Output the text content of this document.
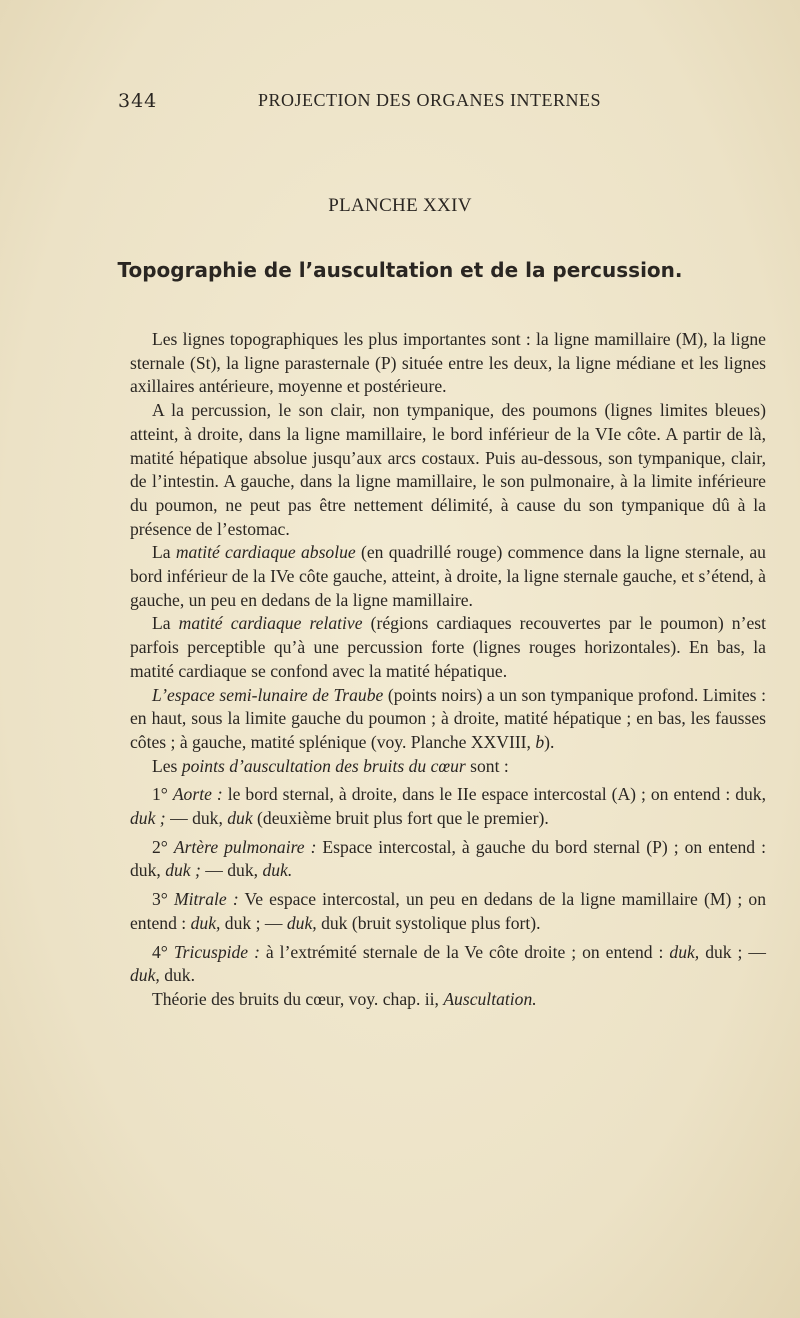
344	PROJECTION DES ORGANES INTERNES
PLANCHE XXIV
Topographie de l’auscultation et de la percussion.

Les lignes topographiques les plus importantes sont : la ligne mamillaire (M), la ligne sternale (St), la ligne parasternale (P) située entre les deux, la ligne médiane et les lignes axillaires antérieure, moyenne et postérieure.

A la percussion, le son clair, non tympanique, des poumons (lignes limites bleues) atteint, à droite, dans la ligne mamillaire, le bord inférieur de la VIe côte. A partir de là, matité hépatique absolue jusqu’aux arcs costaux. Puis au-dessous, son tympanique, clair, de l’intestin. A gauche, dans la ligne mamillaire, le son pulmonaire, à la limite inférieure du poumon, ne peut pas être nettement délimité, à cause du son tympanique dû à la présence de l’estomac.

La matité cardiaque absolue (en quadrillé rouge) commence dans la ligne sternale, au bord inférieur de la IVe côte gauche, atteint, à droite, la ligne sternale gauche, et s’étend, à gauche, un peu en dedans de la ligne mamillaire.

La matité cardiaque relative (régions cardiaques recouvertes par le poumon) n’est parfois perceptible qu’à une percussion forte (lignes rouges horizontales). En bas, la matité cardiaque se confond avec la matité hépatique.

L’espace semi-lunaire de Traube (points noirs) a un son tympanique profond. Limites : en haut, sous la limite gauche du poumon ; à droite, matité hépatique ; en bas, les fausses côtes ; à gauche, matité splénique (voy. Planche XXVIII, b).

Les points d’auscultation des bruits du cœur sont :

1° Aorte : le bord sternal, à droite, dans le IIe espace intercostal (A) ; on entend : duk, duk ; — duk, duk (deuxième bruit plus fort que le premier).

2° Artère pulmonaire : Espace intercostal, à gauche du bord sternal (P) ; on entend : duk, duk ; — duk, duk.

3° Mitrale : Ve espace intercostal, un peu en dedans de la ligne mamillaire (M) ; on entend : duk, duk ; — duk, duk (bruit systolique plus fort).

4° Tricuspide : à l’extrémité sternale de la Ve côte droite ; on entend : duk, duk ; — duk, duk.

Théorie des bruits du cœur, voy. chap. ii, Auscultation.
